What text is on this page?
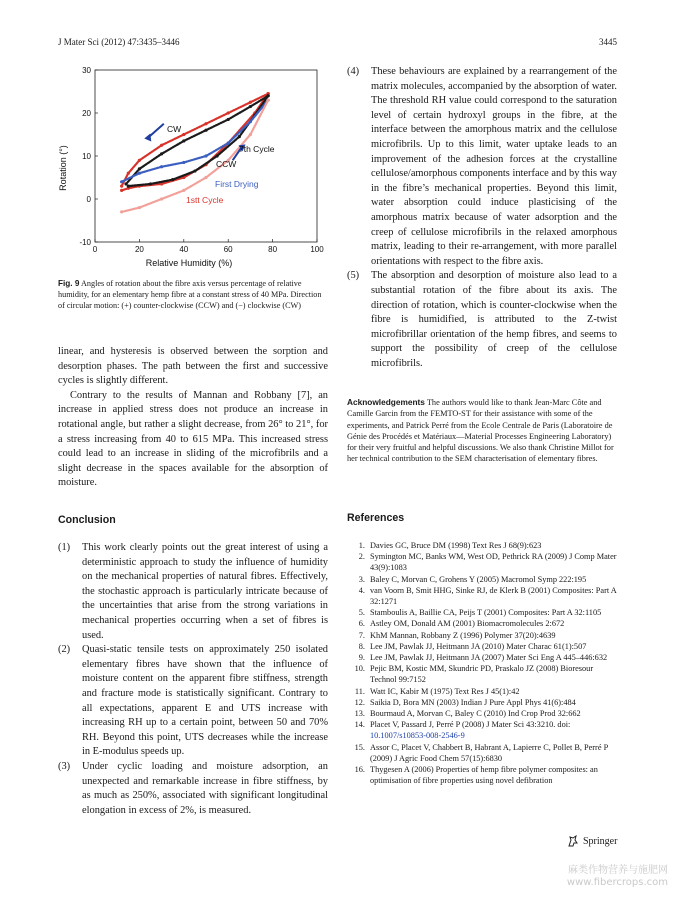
J Mater Sci (2012) 47:3435–3446	3445
0	20	40	60	80	100
-10
0
10
20
30
Relative Humidity (%)
Rotation (°)
CW
CCW
7th Cycle
First Drying
1stt Cycle
Fig. 9 Angles of rotation about the fibre axis versus percentage of relative humidity, for an elementary hemp fibre at a constant stress of 40 MPa. Direction of circular motion: (+) counter-clockwise (CCW) and (−) clockwise (CW)

linear, and hysteresis is observed between the sorption and desorption phases. The path between the first and successive cycles is slightly different.

Contrary to the results of Mannan and Robbany [7], an increase in applied stress does not produce an increase in rotational angle, but rather a slight decrease, from 26° to 21°, for a stress increasing from 40 to 615 MPa. This increased stress could lead to an increase in sliding of the microfibrils and a slight decrease in the spaces available for the absorption of moisture.

Conclusion
(1)	This work clearly points out the great interest of using a deterministic approach to study the influence of humidity on the mechanical properties of natural fibres. Effectively, the stochastic approach is particularly intricate because of the uncertainties that arise from the strong variations in mechanical properties occurring when a set of fibres is used.
(2)	Quasi-static tensile tests on approximately 250 isolated elementary fibres have shown that the influence of moisture content on the apparent fibre stiffness, strength and fracture mode is statistically significant. Contrary to all expectations, apparent E and UTS increase with increasing RH up to a certain point, between 50 and 70% RH. Beyond this point, UTS decreases while the increase in E-modulus speeds up.
(3)	Under cyclic loading and moisture adsorption, an unexpected and remarkable increase in fibre stiffness, by as much as 250%, associated with significant longitudinal elongation in excess of 2%, is measured.
(4)	These behaviours are explained by a rearrangement of the matrix molecules, accompanied by the absorption of water. The threshold RH value could correspond to the saturation level of certain hydroxyl groups in the fibre, at the interface between the amorphous matrix and the cellulose microfibrils. Up to this limit, water uptake leads to an improvement of the adhesion forces at the crystalline cellulose/amorphous components interface and by this way in the fibre’s mechanical properties. Beyond this limit, water absorption could induce plasticising of the amorphous matrix because of water adsorption and the creep of cellulose microfibrils in the relaxed amorphous matrix, leading to their re-arrangement, with more parallel orientations with respect to the fibre axis.
(5)	The absorption and desorption of moisture also lead to a substantial rotation of the fibre about its axis. The direction of rotation, which is counter-clockwise when the fibre is humidified, is attributed to the Z-twist microfibrillar orientation of the hemp fibres, and seems to support the possibility of creep of the cellulose microfibrils.
Acknowledgements The authors would like to thank Jean-Marc Côte and Camille Garcin from the FEMTO-ST for their assistance with some of the experiments, and Patrick Perré from the Ecole Centrale de Paris (Laboratoire de Génie des Procédés et Matériaux—Material Processes Engineering Laboratory) for their very fruitful and helpful discussions. We also thank Christine Millot for her technical contribution to the SEM characterisation of elementary fibres.
References
1. Davies GC, Bruce DM (1998) Text Res J 68(9):623
2. Symington MC, Banks WM, West OD, Pethrick RA (2009) J Comp Mater 43(9):1083
3. Baley C, Morvan C, Grohens Y (2005) Macromol Symp 222:195
4. van Voorn B, Smit HHG, Sinke RJ, de Klerk B (2001) Composites: Part A 32:1271
5. Stamboulis A, Baillie CA, Peijs T (2001) Composites: Part A 32:1105
6. Astley OM, Donald AM (2001) Biomacromolecules 2:672
7. KhM Mannan, Robbany Z (1996) Polymer 37(20):4639
8. Lee JM, Pawlak JJ, Heitmann JA (2010) Mater Charac 61(1):507
9. Lee JM, Pawlak JJ, Heitmann JA (2007) Mater Sci Eng A 445–446:632
10. Pejic BM, Kostic MM, Skundric PD, Praskalo JZ (2008) Bioresour Technol 99:7152
11. Watt IC, Kabir M (1975) Text Res J 45(1):42
12. Saikia D, Bora MN (2003) Indian J Pure Appl Phys 41(6):484
13. Bourmaud A, Morvan C, Baley C (2010) Ind Crop Prod 32:662
14. Placet V, Passard J, Perré P (2008) J Mater Sci 43:3210. doi: 10.1007/s10853-008-2546-9
15. Assor C, Placet V, Chabbert B, Habrant A, Lapierre C, Pollet B, Perré P (2009) J Agric Food Chem 57(15):6830
16. Thygesen A (2006) Properties of hemp fibre polymer composites: an optimisation of fibre properties using novel defibration
Springer
麻类作物营养与施肥网
www.fibercrops.com
